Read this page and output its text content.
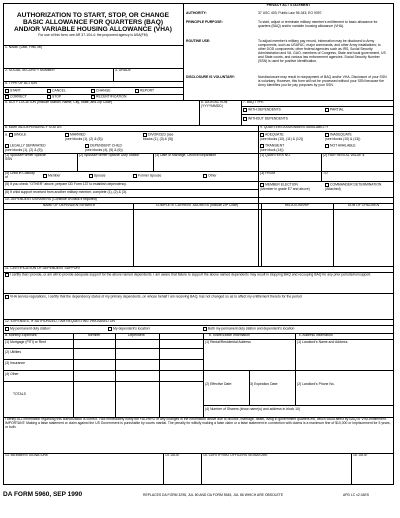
AUTHORIZATION TO START, STOP, OR CHANGE
BASIC ALLOWANCE FOR QUARTERS (BAQ)
AND/OR VARIABLE HOUSING ALLOWANCE (VHA)
For use of this form, see AR 37-104-4; the proponent agency is ASA(FM)
PRIVACY ACT STATEMENT
AUTHORITY:	37 USC 403; Public Law 96-343; EO 9397.
PRINCIPLE PURPOSE:	To start, adjust or terminate military member's entitlement to basic allowance for quarters (BAQ) and/or variable housing allowance (VHA).
ROUTINE USE:	To adjust member's military pay record, information may be disclosed to Army components, such as USAFAC, major commands, and other Army installations; to other DOD components; other federal agencies such as IRS, Social Security Administration and VA, GAO, members of Congress, State and local government, US and State courts, and various law enforcement agencies. Social Security Number (SSN) is used for positive identification.
DISCLOSURE IS VOLUNTARY:	Nondisclosure may result in nonpayment of BAQ and/or VHA. Disclosure of your SSN is voluntary. However, this form will not be processed without your SSN because the Army identifies you for pay purposes by your SSN.
1. NAME (Last, First, MI)
2. SOCIAL SECURITY NUMBER	3. GRADE
4. TYPE OF ACTION
START	CANCEL	CHANGE	REPORT
CORRECT	STOP	RECERTIFICATION
5. DUTY LOCATION (Include Station, Name, City, State, and Zip Code)	6. DATE/ACTION (YYYYMMDD)
7. BAQ TYPE
WITH DEPENDENTS	PARTIAL
WITHOUT DEPENDENTS
8. MARITAL/DEPENDENCY STATUS	9. QUARTERS ASSIGNMENT/AVAILABILITY
a. SINGLE	MARRIED
(see blocks (1), (2) & (5))
DIVORCED (see
blocks (1), (3) & (5))
LEGALLY SEPARATED
(see blocks (1), (2) & (5))
DEPENDENT CHILD
(see blocks (4), (5) & (6))
ADEQUATE:
(see blocks (10), (11) & (12))
INADEQUATE
(see blocks (10) & (13))
TRANSIENT
(see block (14))
NOT AVAILABLE
(1) Spouse/Former Spouse SSN
(2) Spouse/Former Spouse Duty Station	(3) Date of Marriage, Divorce/Separation	(1) QUARTERS NO.	(2) FAIR RENTAL VALUE $
(4) Child in Custody of	Member	Spouse	Former Spouse	Other
(3) FROM	TO
(5) If you check "OTHER" above, prepare DD Form 137 to establish dependency.
(6) If child support received from another military member, complete (1), (2) & (3).
MEMBER ELECTION
(Member in grade E7 and above)
COMMANDER DETERMINATION
(Attached)
10. DEPENDENTS/SHARERS (Continue on back if required)
NAME OF DEPENDENT/SHARER	COMPLETE CURRENT ADDRESS (Include ZIP Code)	RELATIONSHIP	DOB OF CHILDREN
11. CERTIFICATION OF DEPENDENT SUPPORT
I certify that I provide, or am will to provide adequate support for the above named dependents. I am aware that failure to support the above named dependents may result in stopping BAQ and recouping BAQ for any prior periods/nonsupport.
VHA service regulations, I certify that the dependency status of my primary dependents, on whose behalf I am receiving BAQ, has not changed so as to affect my entitlement thereto for the period
12. EXPENSES, IF AUTHORIZED, I AM REQUESTING VHA BASED ON
My permanent duty station:	My dependent's location:	Both my permanent duty station and dependent's location
a. Monthly Expenses:	Member	Dependent	b. Share/Lease Information	c. Address Information
(1) Mortgage (PITI) or Rent	(1) Rental/Residential Address	(1) Landlord's Name and Address
(2) Utilities
(3) Insurance
(4) Other
(2) Effective Date:	(3) Expiration Date:	(2) Landlord's Phone No.
TOTALS
(4) Number of Sharers (show name(s) and address in block 10)
I certify ALL information regarding this authorization is correct. I will immediately notify the FAO/HRO of any changes in the information above due to divorce, marriage, death, living in government quarters etc, which could affect by BAQ or VHA entitlement. IMPORTANT: Making a false statement or claim against the US Government is punishable by courts martial. The penalty for wilfully making a false claim or a false statement in connection with claims is a maximum fine of $10,000 or imprisonment for 5 years, or both.
13. MEMBERS SIGNATURE	14. DATE	15. CERTIFYING OFFICERS SIGNATURE	16. DATE
DA FORM 5960, SEP 1990	REPLACES DA FORM 3298, JUL 80 AND DA FORM 5545, JUL 86 WHICH ARE OBSOLETE	APD LC v2.04ES
